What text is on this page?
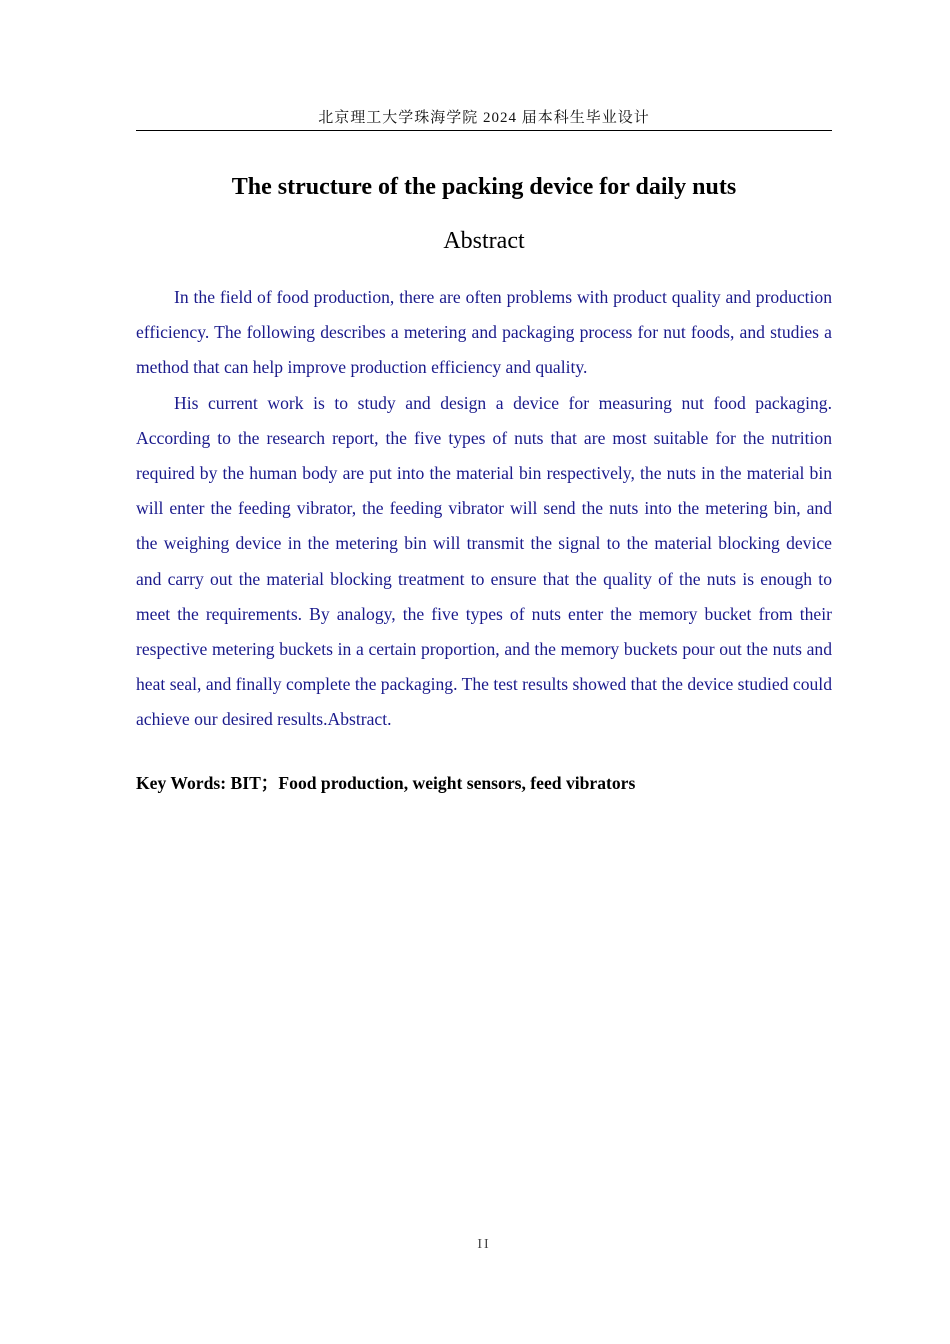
北京理工大学珠海学院 2024 届本科生毕业设计
The structure of the packing device for daily nuts
Abstract

In the field of food production, there are often problems with product quality and production efficiency. The following describes a metering and packaging process for nut foods, and studies a method that can help improve production efficiency and quality.

His current work is to study and design a device for measuring nut food packaging. According to the research report, the five types of nuts that are most suitable for the nutrition required by the human body are put into the material bin respectively, the nuts in the material bin will enter the feeding vibrator, the feeding vibrator will send the nuts into the metering bin, and the weighing device in the metering bin will transmit the signal to the material blocking device and carry out the material blocking treatment to ensure that the quality of the nuts is enough to meet the requirements. By analogy, the five types of nuts enter the memory bucket from their respective metering buckets in a certain proportion, and the memory buckets pour out the nuts and heat seal, and finally complete the packaging. The test results showed that the device studied could achieve our desired results.Abstract.

Key Words: BIT；Food production, weight sensors, feed vibrators
II
